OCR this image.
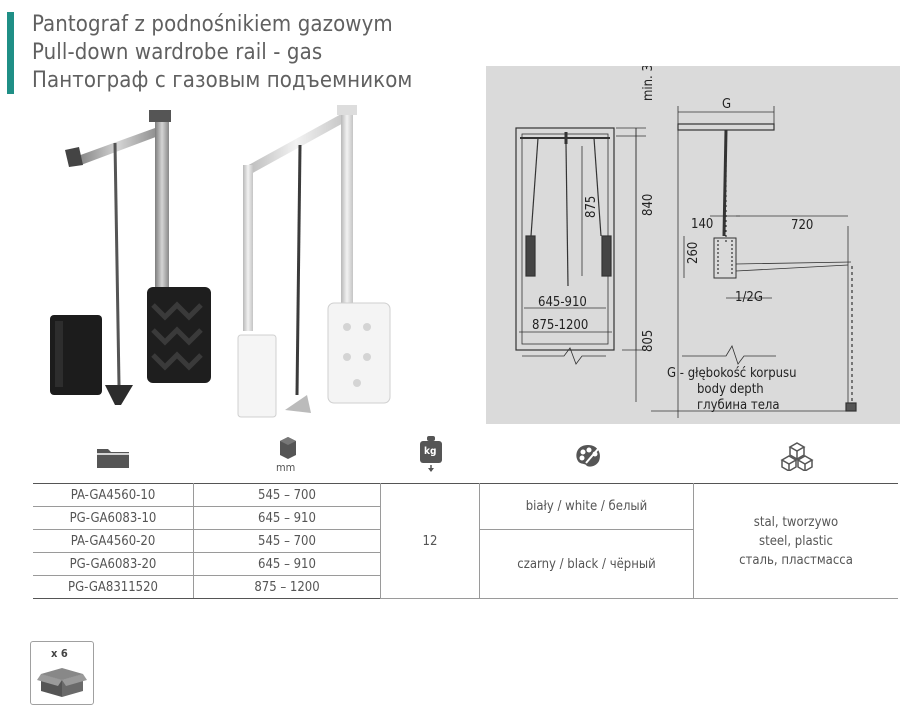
Pantograf z podnośnikiem gazowym
Pull-down wardrobe rail - gas
Пантограф с газовым подъемником	min. 30
875	840
805
645-910
875-1200
G
140	720
260
1/2G
G - głębokość korpusu
body depth
глубина тела
mm
kg
PA-GA4560-10	545 – 700	12	biały / white / белый	stal, tworzywo
steel, plastic
сталь, пластмасса

PG-GA6083-10	645 – 910			
PA-GA4560-20	545 – 700		czarny / black / чёрный	
PG-GA6083-20	645 – 910			
PG-GA8311520	875 – 1200			
x 6
